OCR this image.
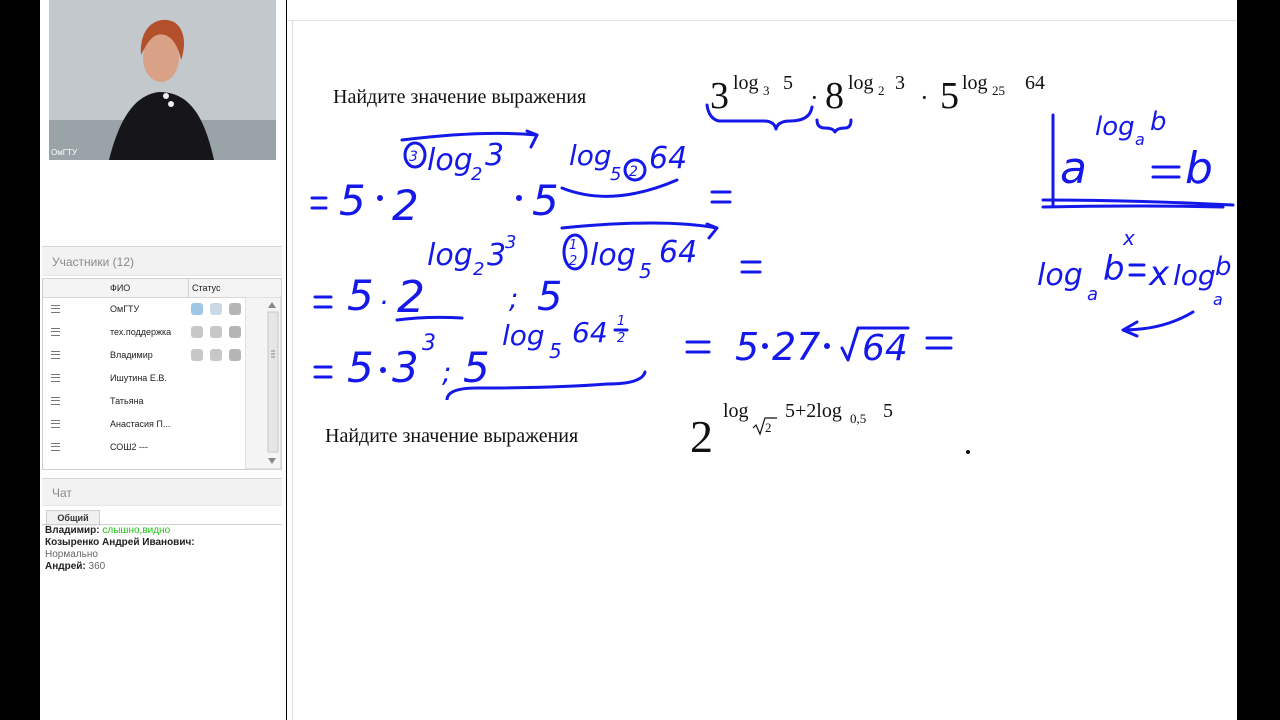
ОмГТУ
Участники (12)
ФИО	Статус
ОмГТУ
тех.поддержка
Владимир
Ишутина Е.В.
Татьяна
Анастасия П...
СОШ2 ---
Чат
Общий
Владимир: слышно,видно
Козыренко Андрей Иванович:
Нормально
Андрей: 360
Найдите значение выражения
Найдите значение выражения
3 log 3 5 · 8 log 2 3 · 5 log 25 64
2 log
2
5+2log 0,5 5
5 2
3 log
2
3
5
log
5 2 64
5 · 2
log 2 3
3
; 5
1
2 log 5
64
5 3 3
; 5
log 5
64 1
2	5 27 64
a
log a
b
b
log
a
b
x
x log
a
b
